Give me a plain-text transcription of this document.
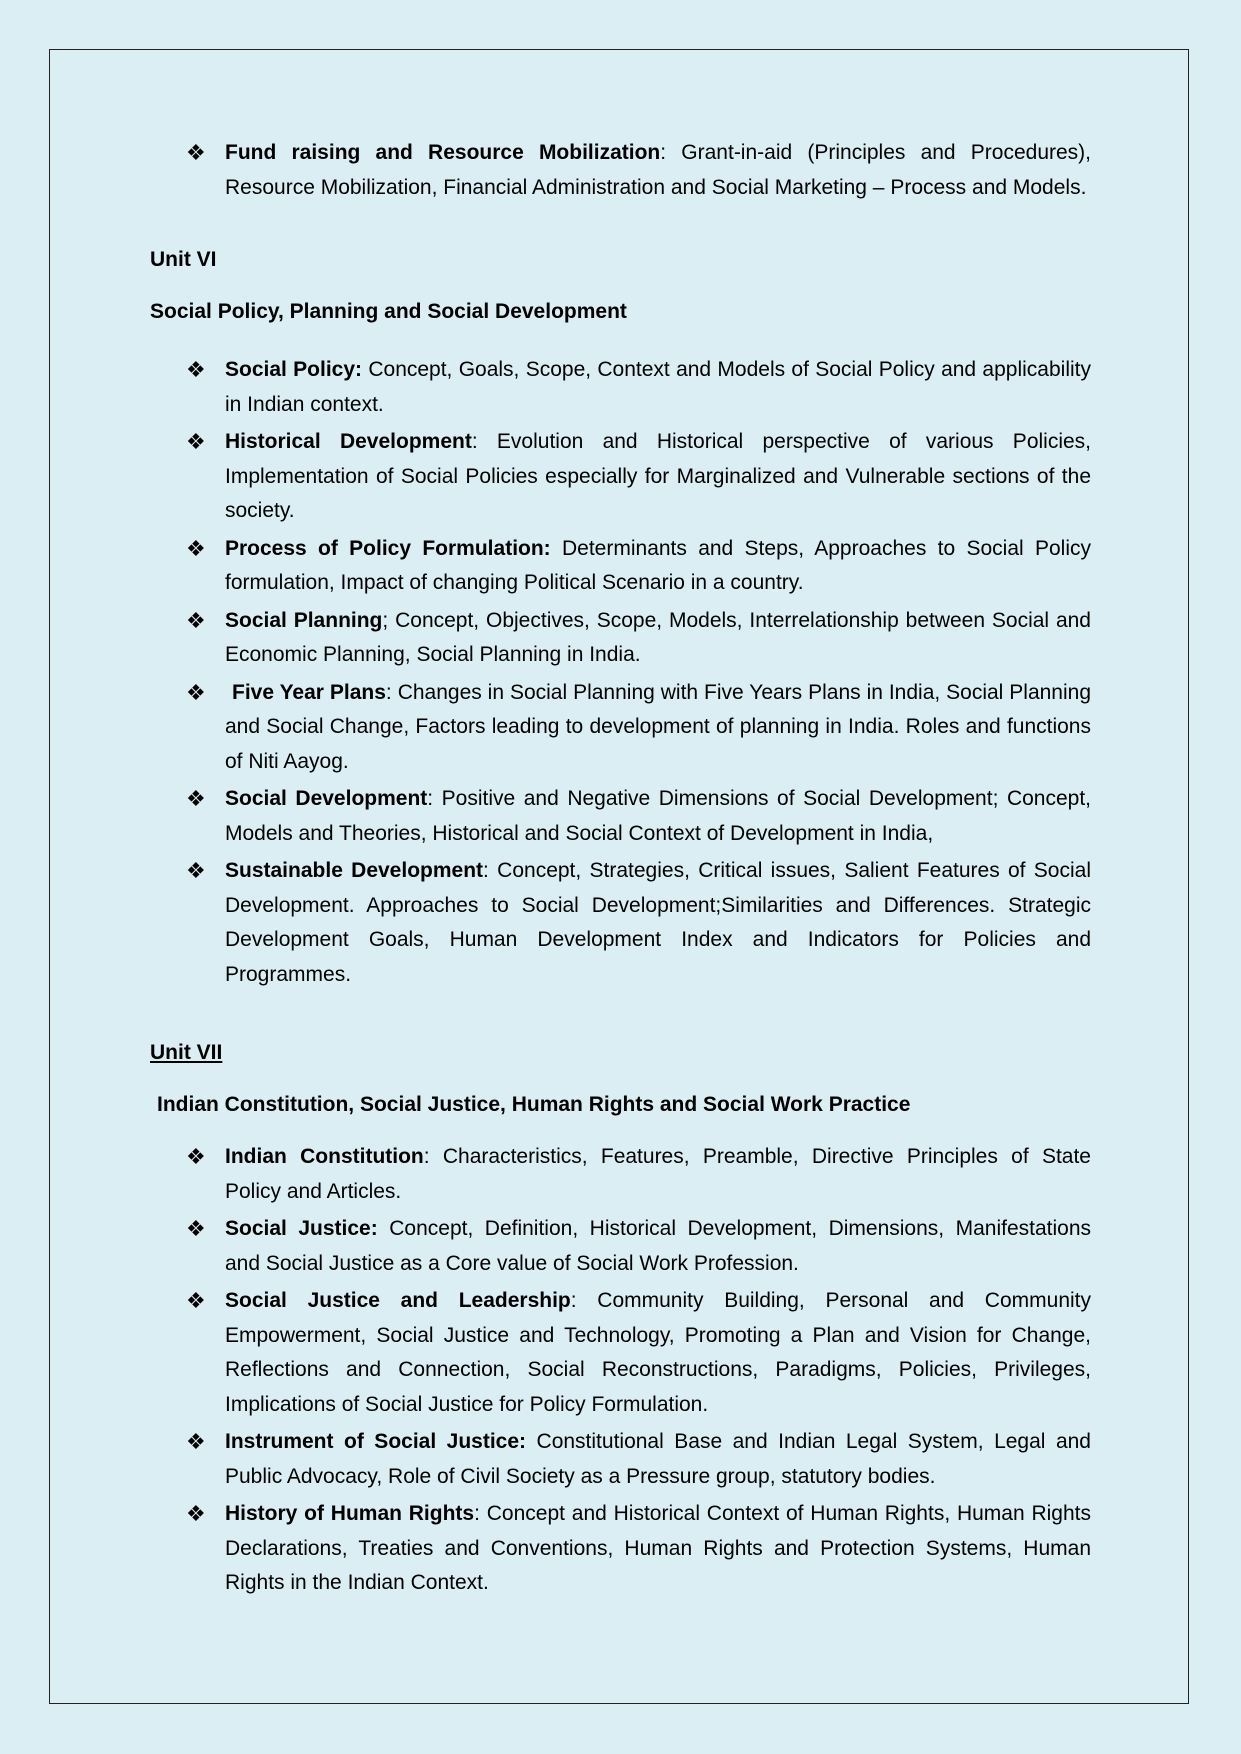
❖ Fund raising and Resource Mobilization: Grant-in-aid (Principles and Procedures), Resource Mobilization, Financial Administration and Social Marketing – Process and Models.
Unit VI
Social Policy, Planning and Social Development
❖ Social Policy: Concept, Goals, Scope, Context and Models of Social Policy and applicability in Indian context.
❖ Historical Development: Evolution and Historical perspective of various Policies, Implementation of Social Policies especially for Marginalized and Vulnerable sections of the society.
❖ Process of Policy Formulation: Determinants and Steps, Approaches to Social Policy formulation, Impact of changing Political Scenario in a country.
❖ Social Planning; Concept, Objectives, Scope, Models, Interrelationship between Social and Economic Planning, Social Planning in India.
❖ Five Year Plans: Changes in Social Planning with Five Years Plans in India, Social Planning and Social Change, Factors leading to development of planning in India. Roles and functions of Niti Aayog.
❖ Social Development: Positive and Negative Dimensions of Social Development; Concept, Models and Theories, Historical and Social Context of Development in India,
❖ Sustainable Development: Concept, Strategies, Critical issues, Salient Features of Social Development. Approaches to Social Development;Similarities and Differences. Strategic Development Goals, Human Development Index and Indicators for Policies and Programmes.
Unit VII
Indian Constitution, Social Justice, Human Rights and Social Work Practice
❖ Indian Constitution: Characteristics, Features, Preamble, Directive Principles of State Policy and Articles.
❖ Social Justice: Concept, Definition, Historical Development, Dimensions, Manifestations and Social Justice as a Core value of Social Work Profession.
❖ Social Justice and Leadership: Community Building, Personal and Community Empowerment, Social Justice and Technology, Promoting a Plan and Vision for Change, Reflections and Connection, Social Reconstructions, Paradigms, Policies, Privileges, Implications of Social Justice for Policy Formulation.
❖ Instrument of Social Justice: Constitutional Base and Indian Legal System, Legal and Public Advocacy, Role of Civil Society as a Pressure group, statutory bodies.
❖ History of Human Rights: Concept and Historical Context of Human Rights, Human Rights Declarations, Treaties and Conventions, Human Rights and Protection Systems, Human Rights in the Indian Context.
